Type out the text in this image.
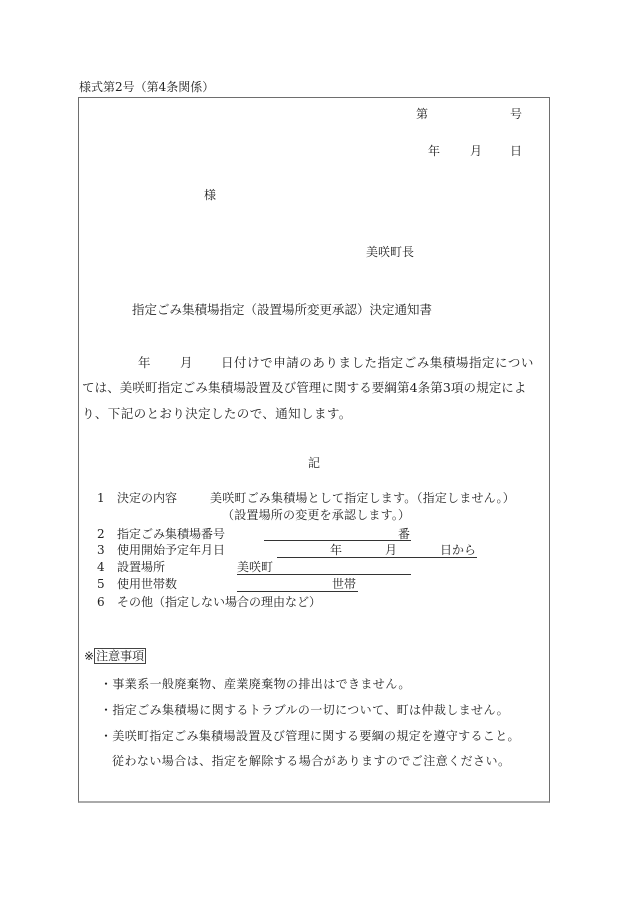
様式第2号（第4条関係）
第	号
年 月 日
様
美咲町長
指定ごみ集積場指定（設置場所変更承認）決定通知書
年 月 日付けで申請のありました指定ごみ集積場指定につい
ては、美咲町指定ごみ集積場設置及び管理に関する要綱第4条第3項の規定によ
り、下記のとおり決定したので、通知します。
記
1 決定の内容	美咲町ごみ集積場として指定します。（指定しません。）
（設置場所の変更を承認します。）
2 指定ごみ集積場番号	番
3 使用開始予定年月日	年	月	日から
4 設置場所	美咲町
5 使用世帯数	世帯
6 その他（指定しない場合の理由など）
※ 注意事項
・事業系一般廃棄物、産業廃棄物の排出はできません。
・指定ごみ集積場に関するトラブルの一切について、町は仲裁しません。
・美咲町指定ごみ集積場設置及び管理に関する要綱の規定を遵守すること。
従わない場合は、指定を解除する場合がありますのでご注意ください。
